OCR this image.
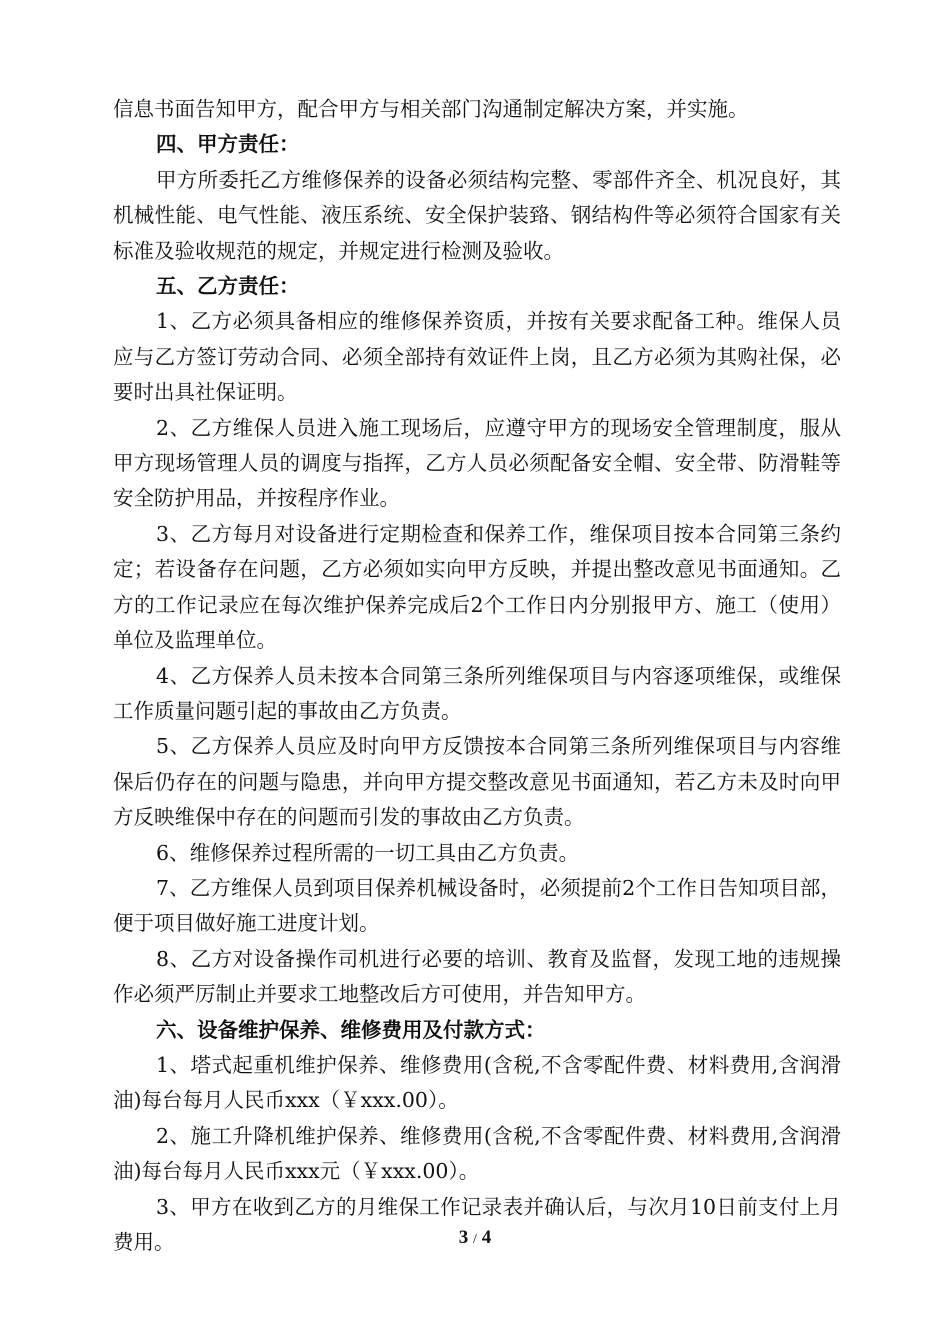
信息书面告知甲方，配合甲方与相关部门沟通制定解决方案，并实施。

四、甲方责任：

甲方所委托乙方维修保养的设备必须结构完整、零部件齐全、机况良好，其机械性能、电气性能、液压系统、安全保护装臵、钢结构件等必须符合国家有关标准及验收规范的规定，并规定进行检测及验收。

五、乙方责任：

1、乙方必须具备相应的维修保养资质，并按有关要求配备工种。维保人员应与乙方签订劳动合同、必须全部持有效证件上岗，且乙方必须为其购社保，必要时出具社保证明。

2、乙方维保人员进入施工现场后，应遵守甲方的现场安全管理制度，服从甲方现场管理人员的调度与指挥，乙方人员必须配备安全帽、安全带、防滑鞋等安全防护用品，并按程序作业。

3、乙方每月对设备进行定期检查和保养工作，维保项目按本合同第三条约定；若设备存在问题，乙方必须如实向甲方反映，并提出整改意见书面通知。乙方的工作记录应在每次维护保养完成后2个工作日内分别报甲方、施工（使用）单位及监理单位。

4、乙方保养人员未按本合同第三条所列维保项目与内容逐项维保，或维保工作质量问题引起的事故由乙方负责。

5、乙方保养人员应及时向甲方反馈按本合同第三条所列维保项目与内容维保后仍存在的问题与隐患，并向甲方提交整改意见书面通知，若乙方未及时向甲方反映维保中存在的问题而引发的事故由乙方负责。

6、维修保养过程所需的一切工具由乙方负责。

7、乙方维保人员到项目保养机械设备时，必须提前2个工作日告知项目部，便于项目做好施工进度计划。

8、乙方对设备操作司机进行必要的培训、教育及监督，发现工地的违规操作必须严厉制止并要求工地整改后方可使用，并告知甲方。

六、设备维护保养、维修费用及付款方式：

1、塔式起重机维护保养、维修费用(含税,不含零配件费、材料费用,含润滑油)每台每月人民币xxx（￥xxx.00）。

2、施工升降机维护保养、维修费用(含税,不含零配件费、材料费用,含润滑油)每台每月人民币xxx元（￥xxx.00）。

3、甲方在收到乙方的月维保工作记录表并确认后，与次月10日前支付上月费用。	3 / 4
